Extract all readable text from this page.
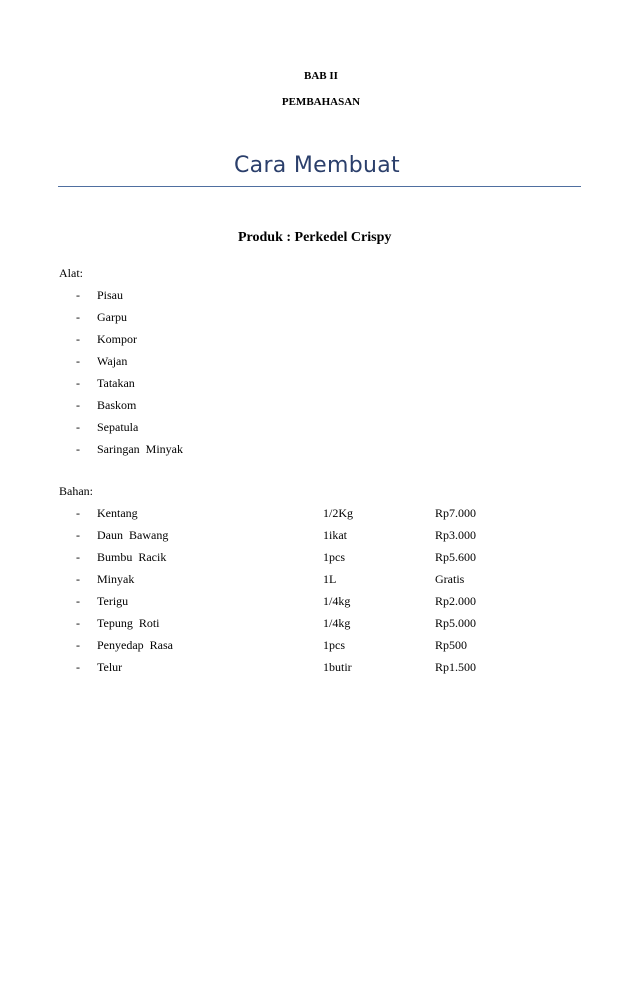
BAB II
PEMBAHASAN
Cara Membuat
Produk : Perkedel Crispy
Alat:
- Pisau
- Garpu
- Kompor
- Wajan
- Tatakan
- Baskom
- Sepatula
- Saringan  Minyak
Bahan:
- Kentang	1/2Kg	Rp7.000
- Daun  Bawang	1ikat	Rp3.000
- Bumbu  Racik	1pcs	Rp5.600
- Minyak	1L	Gratis
- Terigu	1/4kg	Rp2.000
- Tepung  Roti	1/4kg	Rp5.000
- Penyedap  Rasa	1pcs	Rp500
- Telur	1butir	Rp1.500
